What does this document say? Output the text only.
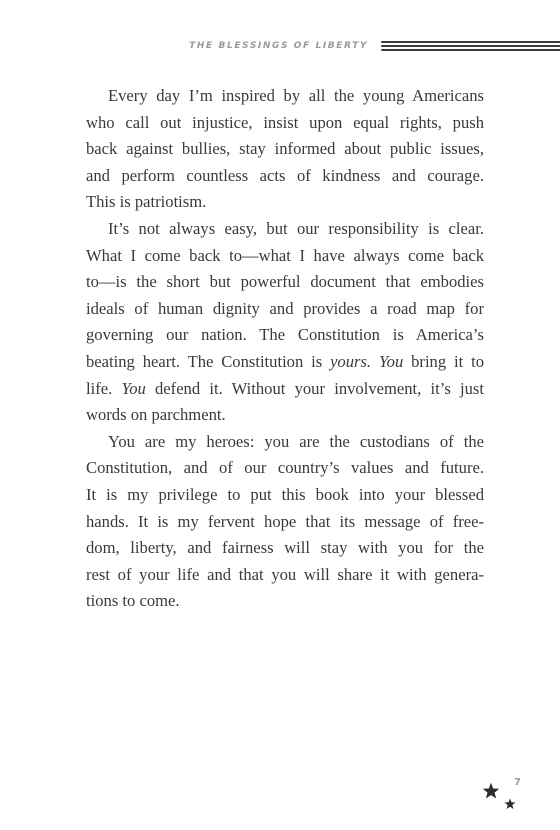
THE BLESSINGS OF LIBERTY

Every day I’m inspired by all the young Americans
who call out injustice, insist upon equal rights, push
back against bullies, stay informed about public issues,
and perform countless acts of kindness and courage.
This is patriotism.

It’s not always easy, but our responsibility is clear.
What I come back to—what I have always come back
to—is the short but powerful document that embodies
ideals of human dignity and provides a road map for
governing our nation. The Constitution is America’s
beating heart. The Constitution is yours. You bring it to
life. You defend it. Without your involvement, it’s just
words on parchment.

You are my heroes: you are the custodians of the
Constitution, and of our country’s values and future.
It is my privilege to put this book into your blessed
hands. It is my fervent hope that its message of free-
dom, liberty, and fairness will stay with you for the
rest of your life and that you will share it with genera-
tions to come.

7
